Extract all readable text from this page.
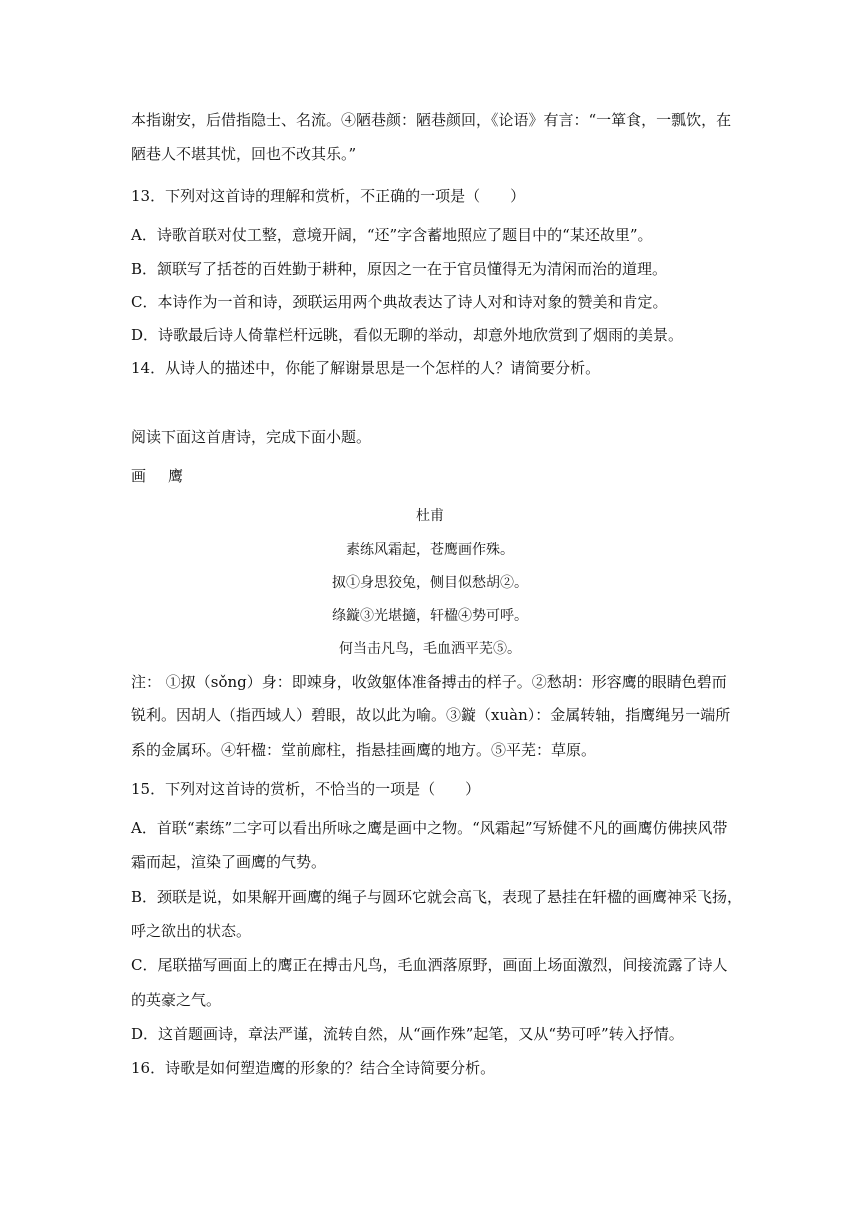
本指谢安，后借指隐士、名流。④陋巷颜：陋巷颜回，《论语》有言：“一箪食，一瓢饮，在
陋巷人不堪其忧，回也不改其乐。”
13．下列对这首诗的理解和赏析，不正确的一项是（　　）
A．诗歌首联对仗工整，意境开阔，“还”字含蓄地照应了题目中的“某还故里”。
B．颔联写了括苍的百姓勤于耕种，原因之一在于官员懂得无为清闲而治的道理。
C．本诗作为一首和诗，颈联运用两个典故表达了诗人对和诗对象的赞美和肯定。
D．诗歌最后诗人倚靠栏杆远眺，看似无聊的举动，却意外地欣赏到了烟雨的美景。
14．从诗人的描述中，你能了解谢景思是一个怎样的人？请简要分析。
阅读下面这首唐诗，完成下面小题。
画 鹰
杜甫
素练风霜起，苍鹰画作殊。
㧐①身思狡兔，侧目似愁胡②。
绦鏇③光堪擿，轩楹④势可呼。
何当击凡鸟，毛血洒平芜⑤。
注： ①㧐（sǒng）身：即竦身，收敛躯体准备搏击的样子。②愁胡：形容鹰的眼睛色碧而
锐利。因胡人（指西域人）碧眼，故以此为喻。③鏇（xuàn）：金属转轴，指鹰绳另一端所
系的金属环。④轩楹：堂前廊柱，指悬挂画鹰的地方。⑤平芜：草原。
15．下列对这首诗的赏析，不恰当的一项是（　　）
A．首联“素练”二字可以看出所咏之鹰是画中之物。“风霜起”写矫健不凡的画鹰仿佛挟风带
霜而起，渲染了画鹰的气势。
B．颈联是说，如果解开画鹰的绳子与圆环它就会高飞，表现了悬挂在轩楹的画鹰神采飞扬，
呼之欲出的状态。
C．尾联描写画面上的鹰正在搏击凡鸟，毛血洒落原野，画面上场面激烈，间接流露了诗人
的英豪之气。
D．这首题画诗，章法严谨，流转自然，从“画作殊”起笔，又从“势可呼”转入抒情。
16．诗歌是如何塑造鹰的形象的？结合全诗简要分析。
